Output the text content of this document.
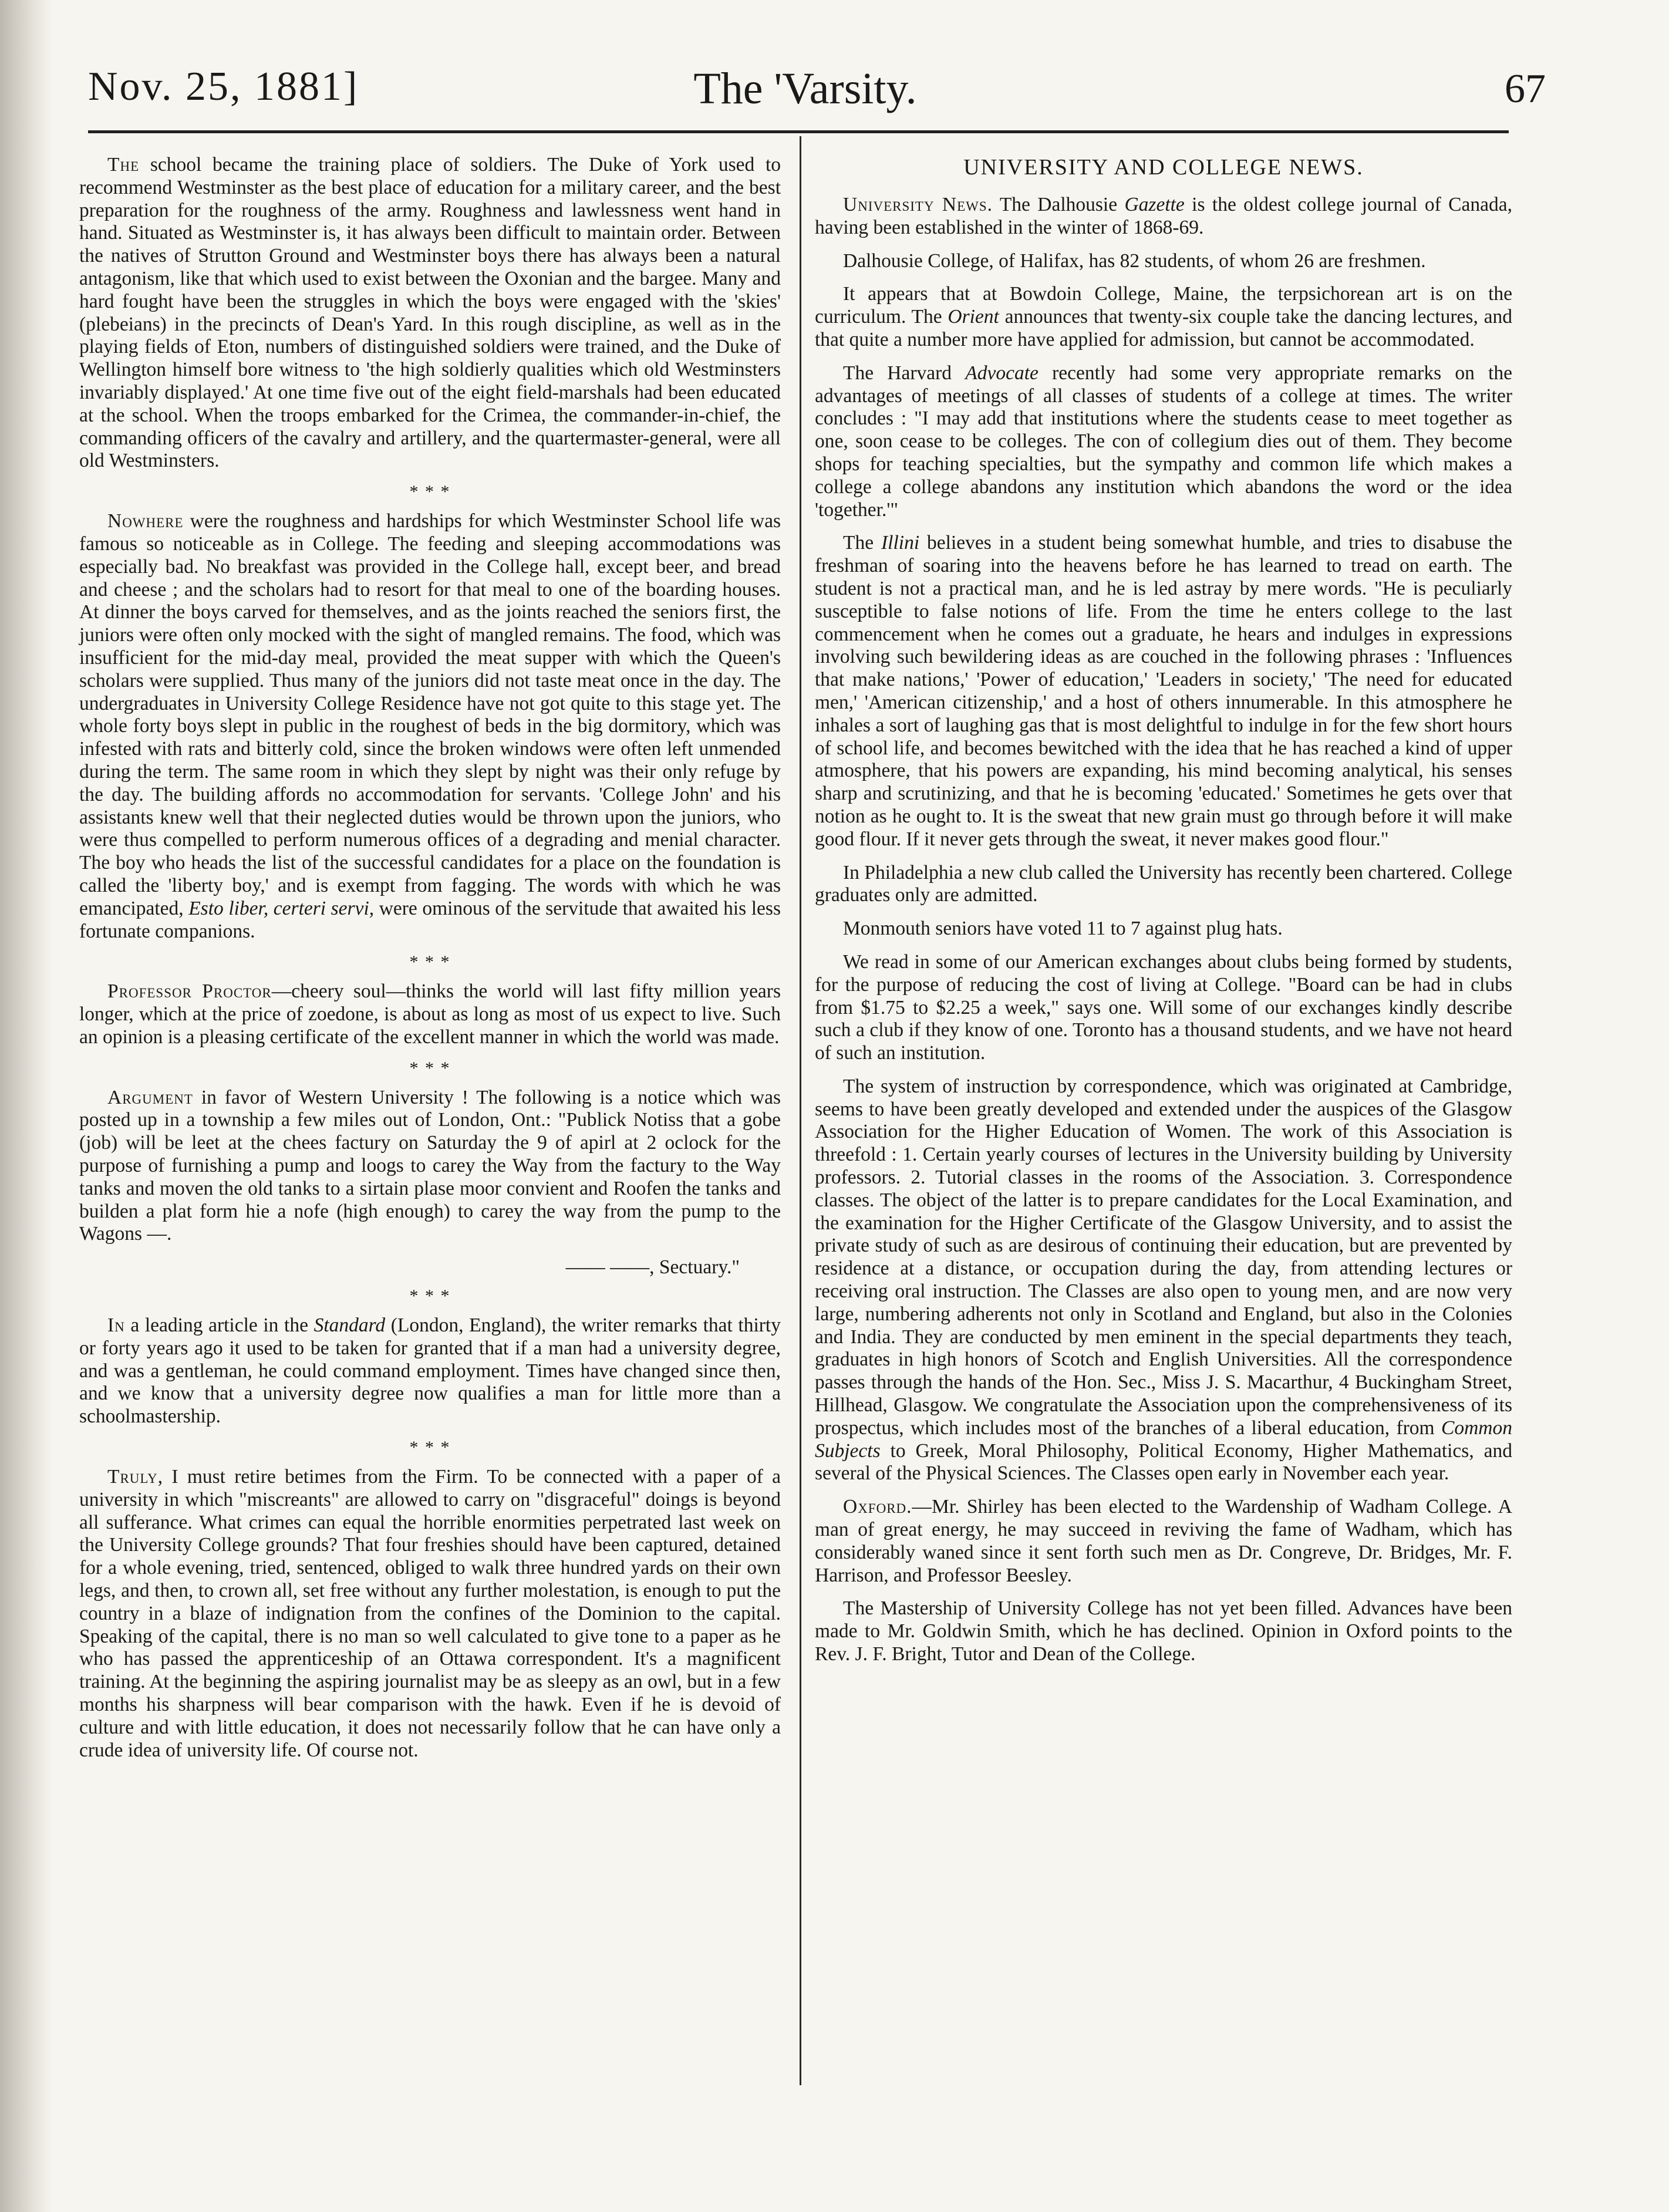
Nov. 25, 1881]	The 'Varsity.	67

The school became the training place of soldiers. The Duke of York used to recommend Westminster as the best place of education for a military career, and the best preparation for the roughness of the army. Roughness and lawlessness went hand in hand. Situated as Westminster is, it has always been difficult to maintain order. Between the natives of Strutton Ground and Westminster boys there has always been a natural antagonism, like that which used to exist between the Oxonian and the bargee. Many and hard fought have been the struggles in which the boys were engaged with the 'skies' (plebeians) in the precincts of Dean's Yard. In this rough discipline, as well as in the playing fields of Eton, numbers of distinguished soldiers were trained, and the Duke of Wellington himself bore witness to 'the high soldierly qualities which old Westminsters invariably displayed.' At one time five out of the eight field-marshals had been educated at the school. When the troops embarked for the Crimea, the commander-in-chief, the commanding officers of the cavalry and artillery, and the quartermaster-general, were all old Westminsters.

* * *

Nowhere were the roughness and hardships for which Westminster School life was famous so noticeable as in College. The feeding and sleeping accommodations was especially bad. No breakfast was provided in the College hall, except beer, and bread and cheese ; and the scholars had to resort for that meal to one of the boarding houses. At dinner the boys carved for themselves, and as the joints reached the seniors first, the juniors were often only mocked with the sight of mangled remains. The food, which was insufficient for the mid-day meal, provided the meat supper with which the Queen's scholars were supplied. Thus many of the juniors did not taste meat once in the day. The undergraduates in University College Residence have not got quite to this stage yet. The whole forty boys slept in public in the roughest of beds in the big dormitory, which was infested with rats and bitterly cold, since the broken windows were often left unmended during the term. The same room in which they slept by night was their only refuge by the day. The building affords no accommodation for servants. 'College John' and his assistants knew well that their neglected duties would be thrown upon the juniors, who were thus compelled to perform numerous offices of a degrading and menial character. The boy who heads the list of the successful candidates for a place on the foundation is called the 'liberty boy,' and is exempt from fagging. The words with which he was emancipated, Esto liber, certeri servi, were ominous of the servitude that awaited his less fortunate companions.

* * *

Professor Proctor—cheery soul—thinks the world will last fifty million years longer, which at the price of zoedone, is about as long as most of us expect to live. Such an opinion is a pleasing certificate of the excellent manner in which the world was made.

* * *

Argument in favor of Western University ! The following is a notice which was posted up in a township a few miles out of London, Ont.: "Publick Notiss that a gobe (job) will be leet at the chees factury on Saturday the 9 of apirl at 2 oclock for the purpose of furnishing a pump and loogs to carey the Way from the factury to the Way tanks and moven the old tanks to a sirtain plase moor convient and Roofen the tanks and builden a plat form hie a nofe (high enough) to carey the way from the pump to the Wagons —.

—— ——, Sectuary."

* * *

In a leading article in the Standard (London, England), the writer remarks that thirty or forty years ago it used to be taken for granted that if a man had a university degree, and was a gentleman, he could command employment. Times have changed since then, and we know that a university degree now qualifies a man for little more than a schoolmastership.

* * *

Truly, I must retire betimes from the Firm. To be connected with a paper of a university in which "miscreants" are allowed to carry on "disgraceful" doings is beyond all sufferance. What crimes can equal the horrible enormities perpetrated last week on the University College grounds? That four freshies should have been captured, detained for a whole evening, tried, sentenced, obliged to walk three hundred yards on their own legs, and then, to crown all, set free without any further molestation, is enough to put the country in a blaze of indignation from the confines of the Dominion to the capital. Speaking of the capital, there is no man so well calculated to give tone to a paper as he who has passed the apprenticeship of an Ottawa correspondent. It's a magnificent training. At the beginning the aspiring journalist may be as sleepy as an owl, but in a few months his sharpness will bear comparison with the hawk. Even if he is devoid of culture and with little education, it does not necessarily follow that he can have only a crude idea of university life. Of course not.

UNIVERSITY AND COLLEGE NEWS.

University News. The Dalhousie Gazette is the oldest college journal of Canada, having been established in the winter of 1868-69.

Dalhousie College, of Halifax, has 82 students, of whom 26 are freshmen.

It appears that at Bowdoin College, Maine, the terpsichorean art is on the curriculum. The Orient announces that twenty-six couple take the dancing lectures, and that quite a number more have applied for admission, but cannot be accommodated.

The Harvard Advocate recently had some very appropriate remarks on the advantages of meetings of all classes of students of a college at times. The writer concludes : "I may add that institutions where the students cease to meet together as one, soon cease to be colleges. The con of collegium dies out of them. They become shops for teaching specialties, but the sympathy and common life which makes a college a college abandons any institution which abandons the word or the idea 'together.'"

The Illini believes in a student being somewhat humble, and tries to disabuse the freshman of soaring into the heavens before he has learned to tread on earth. The student is not a practical man, and he is led astray by mere words. "He is peculiarly susceptible to false notions of life. From the time he enters college to the last commencement when he comes out a graduate, he hears and indulges in expressions involving such bewildering ideas as are couched in the following phrases : 'Influences that make nations,' 'Power of education,' 'Leaders in society,' 'The need for educated men,' 'American citizenship,' and a host of others innumerable. In this atmosphere he inhales a sort of laughing gas that is most delightful to indulge in for the few short hours of school life, and becomes bewitched with the idea that he has reached a kind of upper atmosphere, that his powers are expanding, his mind becoming analytical, his senses sharp and scrutinizing, and that he is becoming 'educated.' Sometimes he gets over that notion as he ought to. It is the sweat that new grain must go through before it will make good flour. If it never gets through the sweat, it never makes good flour."

In Philadelphia a new club called the University has recently been chartered. College graduates only are admitted.

Monmouth seniors have voted 11 to 7 against plug hats.

We read in some of our American exchanges about clubs being formed by students, for the purpose of reducing the cost of living at College. "Board can be had in clubs from $1.75 to $2.25 a week," says one. Will some of our exchanges kindly describe such a club if they know of one. Toronto has a thousand students, and we have not heard of such an institution.

The system of instruction by correspondence, which was originated at Cambridge, seems to have been greatly developed and extended under the auspices of the Glasgow Association for the Higher Education of Women. The work of this Association is threefold : 1. Certain yearly courses of lectures in the University building by University professors. 2. Tutorial classes in the rooms of the Association. 3. Correspondence classes. The object of the latter is to prepare candidates for the Local Examination, and the examination for the Higher Certificate of the Glasgow University, and to assist the private study of such as are desirous of continuing their education, but are prevented by residence at a distance, or occupation during the day, from attending lectures or receiving oral instruction. The Classes are also open to young men, and are now very large, numbering adherents not only in Scotland and England, but also in the Colonies and India. They are conducted by men eminent in the special departments they teach, graduates in high honors of Scotch and English Universities. All the correspondence passes through the hands of the Hon. Sec., Miss J. S. Macarthur, 4 Buckingham Street, Hillhead, Glasgow. We congratulate the Association upon the comprehensiveness of its prospectus, which includes most of the branches of a liberal education, from Common Subjects to Greek, Moral Philosophy, Political Economy, Higher Mathematics, and several of the Physical Sciences. The Classes open early in November each year.

Oxford.—Mr. Shirley has been elected to the Wardenship of Wadham College. A man of great energy, he may succeed in reviving the fame of Wadham, which has considerably waned since it sent forth such men as Dr. Congreve, Dr. Bridges, Mr. F. Harrison, and Professor Beesley.

The Mastership of University College has not yet been filled. Advances have been made to Mr. Goldwin Smith, which he has declined. Opinion in Oxford points to the Rev. J. F. Bright, Tutor and Dean of the College.
